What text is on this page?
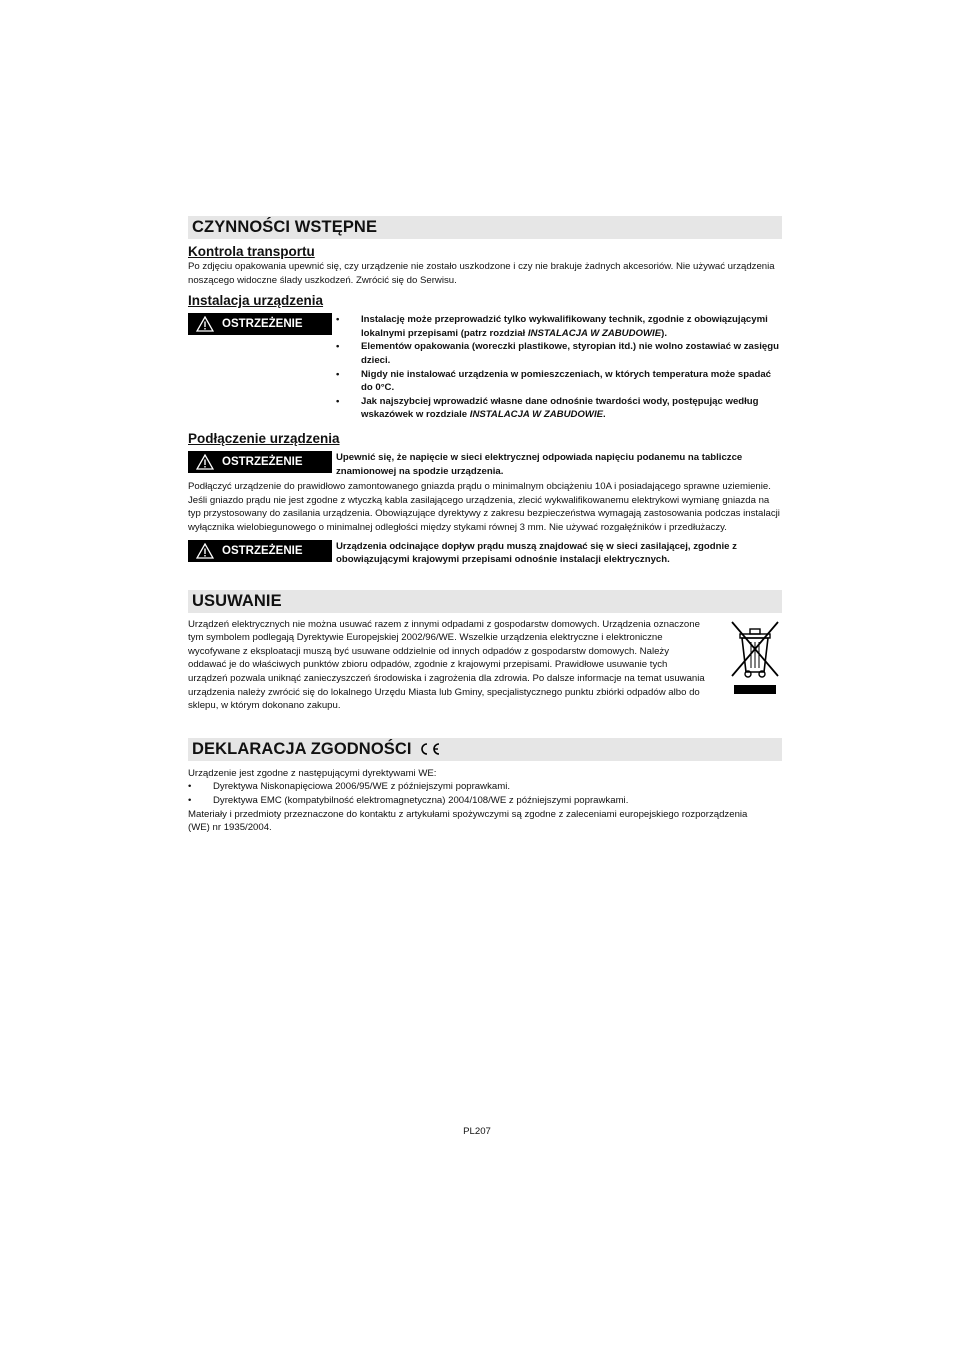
CZYNNOŚCI WSTĘPNE
Kontrola transportu

Po zdjęciu opakowania upewnić się, czy urządzenie nie zostało uszkodzone i czy nie brakuje żadnych akcesoriów. Nie używać urządzenia noszącego widoczne ślady uszkodzeń. Zwrócić się do Serwisu.

Instalacja urządzenia
OSTRZEŻENIE	•	Instalację może przeprowadzić tylko wykwalifikowany technik, zgodnie z obowiązującymi lokalnymi przepisami (patrz rozdział INSTALACJA W ZABUDOWIE).
•	Elementów opakowania (woreczki plastikowe, styropian itd.) nie wolno zostawiać w zasięgu dzieci.
•	Nigdy nie instalować urządzenia w pomieszczeniach, w których temperatura może spadać do 0°C.
•	Jak najszybciej wprowadzić własne dane odnośnie twardości wody, postępując według wskazówek w rozdziale INSTALACJA W ZABUDOWIE.
Podłączenie urządzenia
OSTRZEŻENIE	Upewnić się, że napięcie w sieci elektrycznej odpowiada napięciu podanemu na tabliczce znamionowej na spodzie urządzenia.

Podłączyć urządzenie do prawidłowo zamontowanego gniazda prądu o minimalnym obciążeniu 10A i posiadającego sprawne uziemienie. Jeśli gniazdo prądu nie jest zgodne z wtyczką kabla zasilającego urządzenia, zlecić wykwalifikowanemu elektrykowi wymianę gniazda na typ przystosowany do zasilania urządzenia. Obowiązujące dyrektywy z zakresu bezpieczeństwa wymagają zastosowania podczas instalacji wyłącznika wielobiegunowego o minimalnej odległości między stykami równej 3 mm. Nie używać rozgałęźników i przedłużaczy.

OSTRZEŻENIE	Urządzenia odcinające dopływ prądu muszą znajdować się w sieci zasilającej, zgodnie z obowiązującymi krajowymi przepisami odnośnie instalacji elektrycznych.
USUWANIE

Urządzeń elektrycznych nie można usuwać razem z innymi odpadami z gospodarstw domowych. Urządzenia oznaczone tym symbolem podlegają Dyrektywie Europejskiej 2002/96/WE. Wszelkie urządzenia elektryczne i elektroniczne wycofywane z eksploatacji muszą być usuwane oddzielnie od innych odpadów z gospodarstw domowych. Należy oddawać je do właściwych punktów zbioru odpadów, zgodnie z krajowymi przepisami. Prawidłowe usuwanie tych urządzeń pozwala uniknąć zanieczyszczeń środowiska i zagrożenia dla zdrowia. Po dalsze informacje na temat usuwania urządzenia należy zwrócić się do lokalnego Urzędu Miasta lub Gminy, specjalistycznego punktu zbiórki odpadów albo do sklepu, w którym dokonano zakupu.

DEKLARACJA ZGODNOŚCI

Urządzenie jest zgodne z następującymi dyrektywami WE:

•	Dyrektywa Niskonapięciowa 2006/95/WE z późniejszymi poprawkami.
•	Dyrektywa EMC (kompatybilność elektromagnetyczna) 2004/108/WE z późniejszymi poprawkami.

Materiały i przedmioty przeznaczone do kontaktu z artykułami spożywczymi są zgodne z zaleceniami europejskiego rozporządzenia (WE) nr 1935/2004.

PL207
